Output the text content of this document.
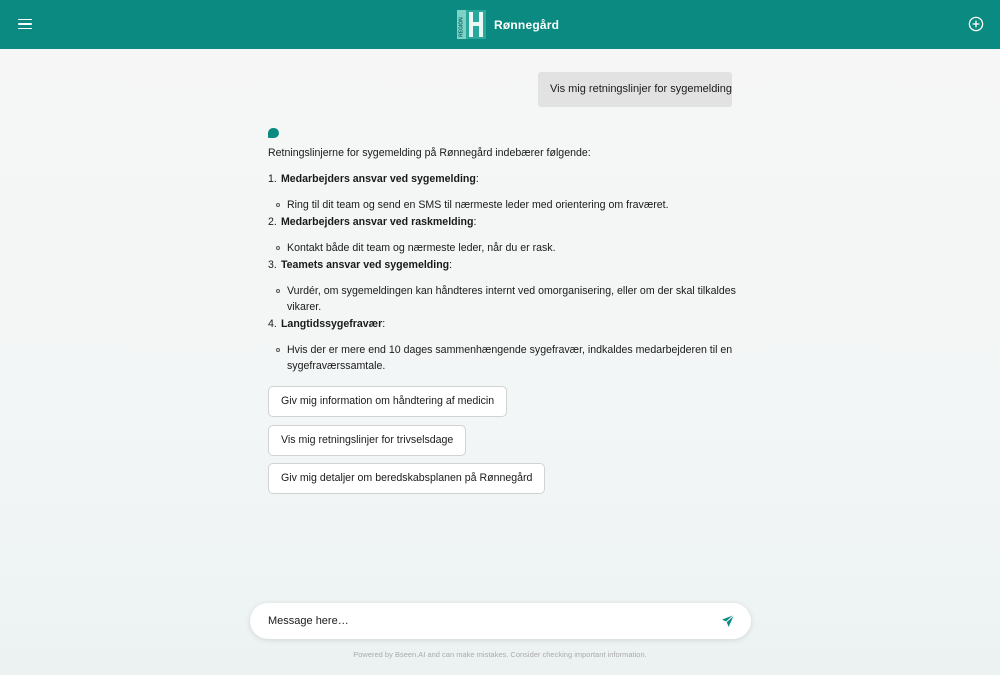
REGION Rønnegård
Vis mig retningslinjer for sygemelding

Retningslinjerne for sygemelding på Rønnegård indebærer følgende:

1. Medarbejders ansvar ved sygemelding:
Ring til dit team og send en SMS til nærmeste leder med orientering om fraværet.
2. Medarbejders ansvar ved raskmelding:
Kontakt både dit team og nærmeste leder, når du er rask.
3. Teamets ansvar ved sygemelding:
Vurdér, om sygemeldingen kan håndteres internt ved omorganisering, eller om der skal tilkaldes vikarer.
4. Langtidssygefravær:
Hvis der er mere end 10 dages sammenhængende sygefravær, indkaldes medarbejderen til en sygefraværssamtale.
Giv mig information om håndtering af medicin
Vis mig retningslinjer for trivselsdage
Giv mig detaljer om beredskabsplanen på Rønnegård
Message here…
Powered by Bseen.AI and can make mistakes. Consider checking important information.
